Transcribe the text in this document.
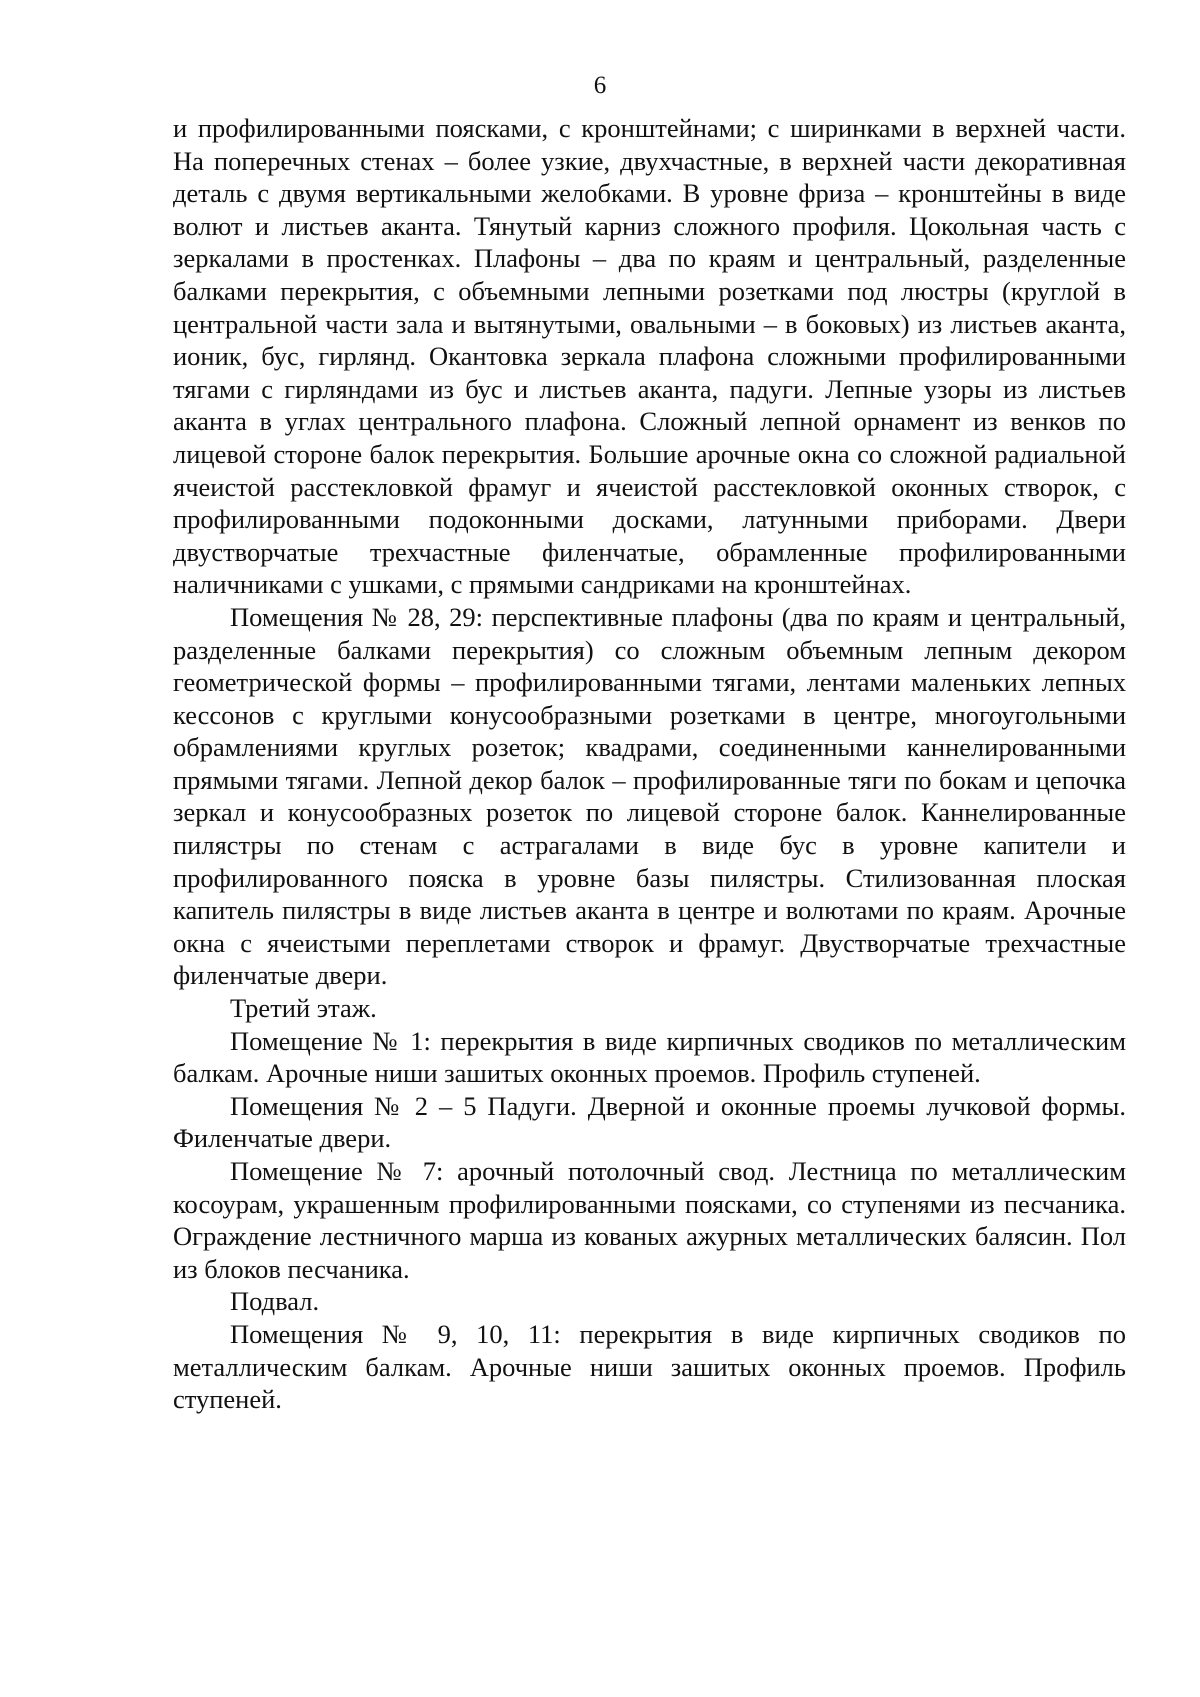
6

и профилированными поясками, с кронштейнами; с ширинками в верхней части. На поперечных стенах – более узкие, двухчастные, в верхней части декоративная деталь с двумя вертикальными желобками. В уровне фриза – кронштейны в виде волют и листьев аканта. Тянутый карниз сложного профиля. Цокольная часть с зеркалами в простенках. Плафоны – два по краям и центральный, разделенные балками перекрытия, с объемными лепными розетками под люстры (круглой в центральной части зала и вытянутыми, овальными – в боковых) из листьев аканта, ионик, бус, гирлянд. Окантовка зеркала плафона сложными профилированными тягами с гирляндами из бус и листьев аканта, падуги. Лепные узоры из листьев аканта в углах центрального плафона. Сложный лепной орнамент из венков по лицевой стороне балок перекрытия. Большие арочные окна со сложной радиальной ячеистой расстекловкой фрамуг и ячеистой расстекловкой оконных створок, с профилированными подоконными досками, латунными приборами. Двери двустворчатые трехчастные филенчатые, обрамленные профилированными наличниками с ушками, с прямыми сандриками на кронштейнах.

Помещения № 28, 29: перспективные плафоны (два по краям и центральный, разделенные балками перекрытия) со сложным объемным лепным декором геометрической формы – профилированными тягами, лентами маленьких лепных кессонов с круглыми конусообразными розетками в центре, многоугольными обрамлениями круглых розеток; квадрами, соединенными каннелированными прямыми тягами. Лепной декор балок – профилированные тяги по бокам и цепочка зеркал и конусообразных розеток по лицевой стороне балок. Каннелированные пилястры по стенам с астрагалами в виде бус в уровне капители и профилированного пояска в уровне базы пилястры. Стилизованная плоская капитель пилястры в виде листьев аканта в центре и волютами по краям. Арочные окна с ячеистыми переплетами створок и фрамуг. Двустворчатые трехчастные филенчатые двери.

Третий этаж.

Помещение № 1: перекрытия в виде кирпичных сводиков по металлическим балкам. Арочные ниши зашитых оконных проемов. Профиль ступеней.

Помещения № 2 – 5 Падуги. Дверной и оконные проемы лучковой формы. Филенчатые двери.

Помещение № 7: арочный потолочный свод. Лестница по металлическим косоурам, украшенным профилированными поясками, со ступенями из песчаника. Ограждение лестничного марша из кованых ажурных металлических балясин. Пол из блоков песчаника.

Подвал.

Помещения № 9, 10, 11: перекрытия в виде кирпичных сводиков по металлическим балкам. Арочные ниши зашитых оконных проемов. Профиль ступеней.
